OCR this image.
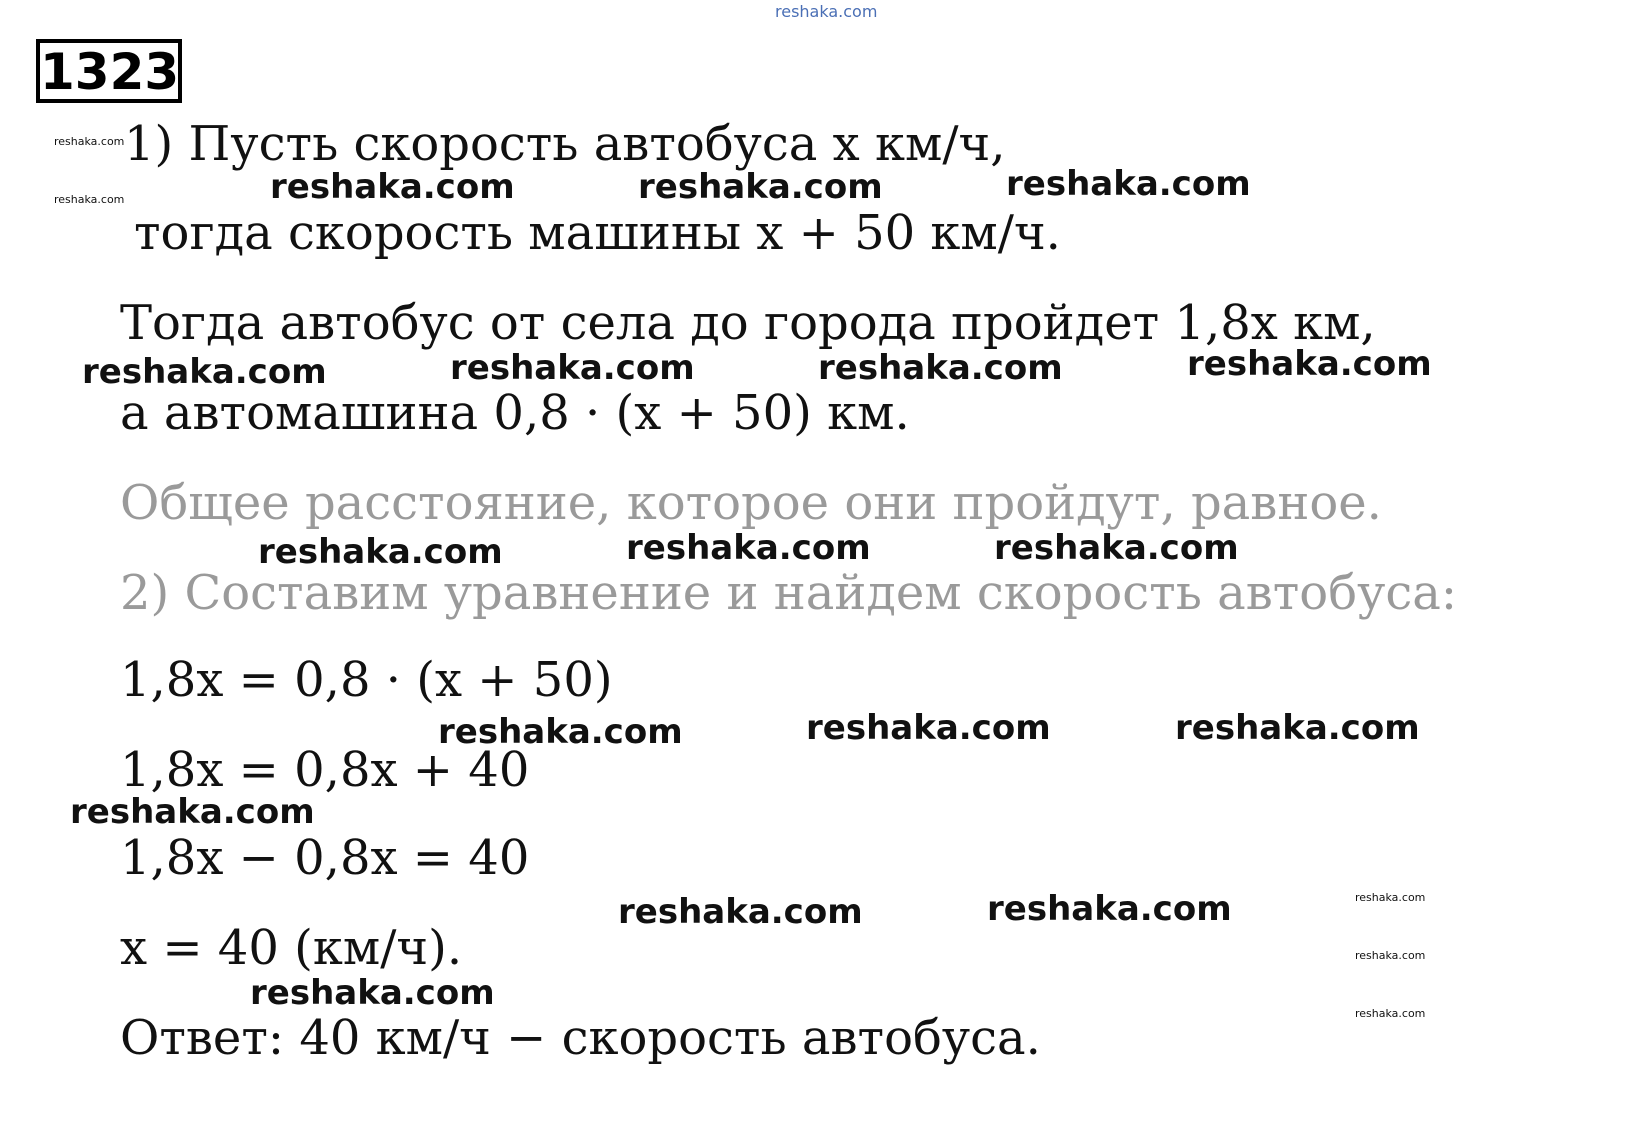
reshaka.com
1323
1) Пусть скорость автобуса x км/ч,
тогда скорость машины x + 50 км/ч.
Тогда автобус от села до города пройдет 1,8x км,
а автомашина 0,8 · (x + 50) км.
Общее расстояние, которое они пройдут, равное.
2) Составим уравнение и найдем скорость автобуса:
1,8x = 0,8 · (x + 50)
1,8x = 0,8x + 40
1,8x − 0,8x = 40
x = 40 (км/ч).
Ответ: 40 км/ч − скорость автобуса.
reshaka.com	reshaka.com	reshaka.com
reshaka.com	reshaka.com	reshaka.com	reshaka.com
reshaka.com	reshaka.com	reshaka.com
reshaka.com	reshaka.com	reshaka.com
reshaka.com
reshaka.com	reshaka.com
reshaka.com
reshaka.com
reshaka.com
reshaka.com
reshaka.com
reshaka.com
